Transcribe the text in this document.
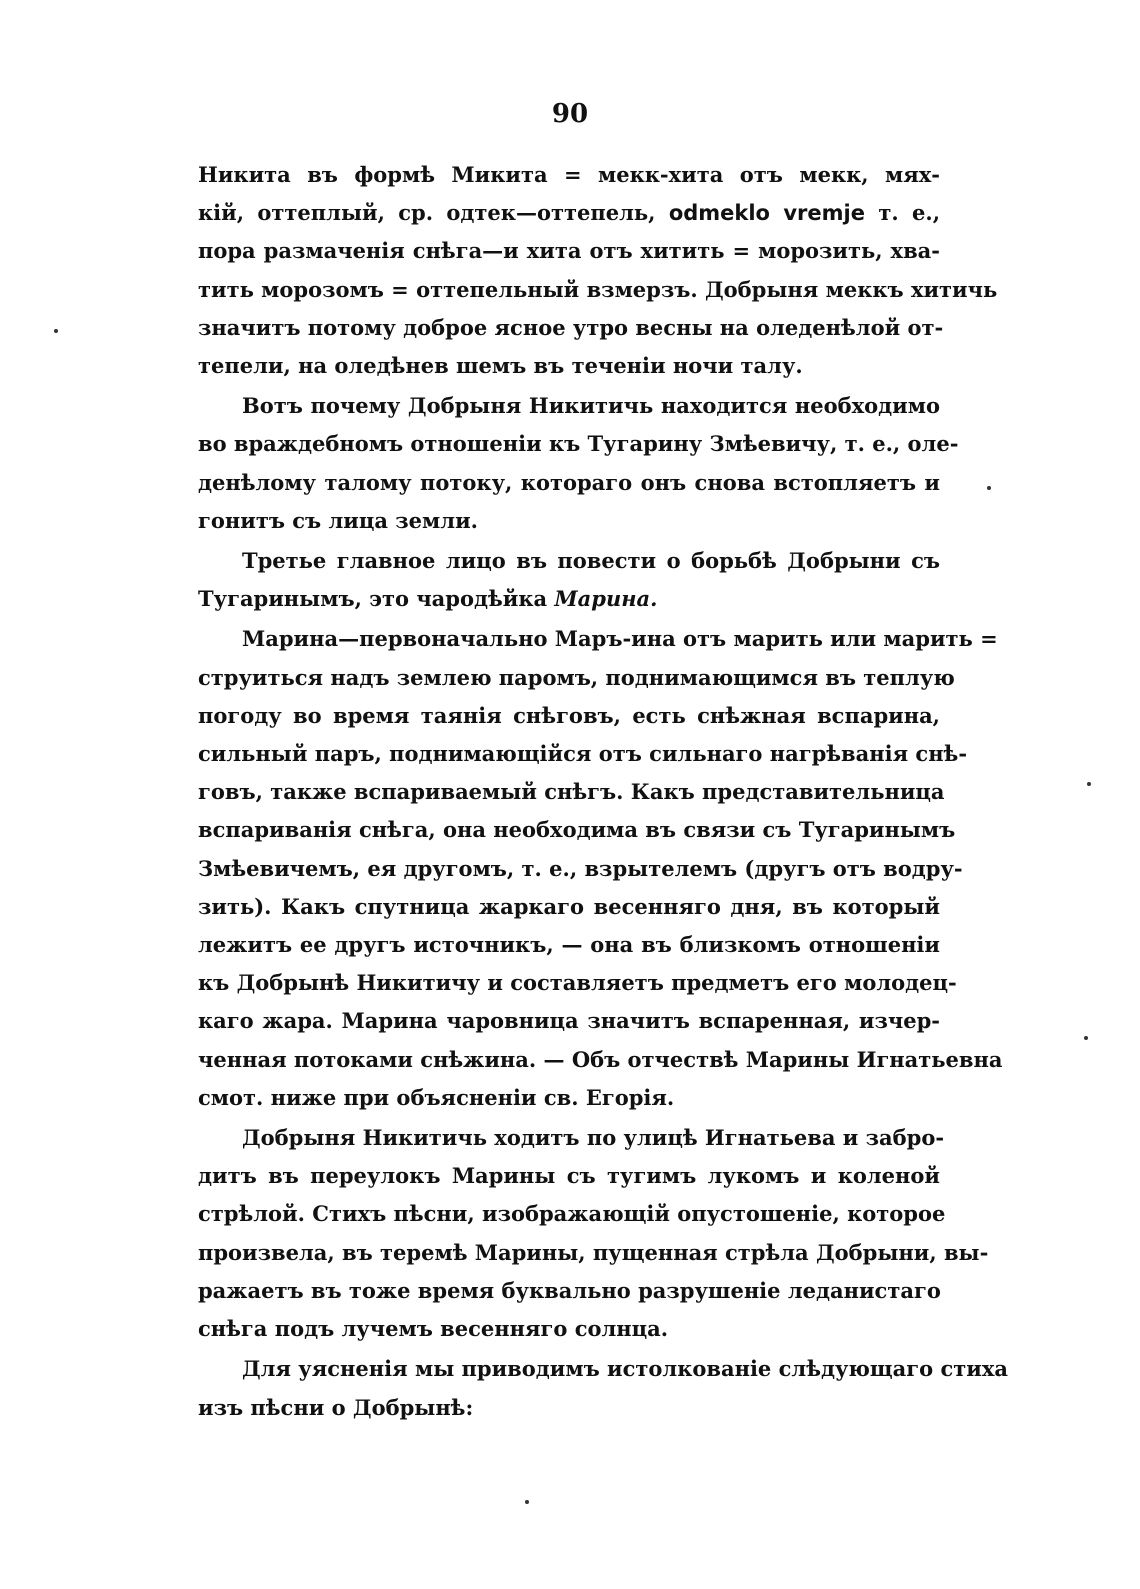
90
Никита въ формѣ Микита = мекк-хита отъ мекк, мях-
кій, оттеплый, ср. одтек—оттепель, odmeklo vremje т. е.,
пора размаченія снѣга—и хита отъ хитить = морозить, хва-
тить морозомъ = оттепельный взмерзъ. Добрыня меккъ хитичь
значитъ потому доброе ясное утро весны на оледенѣлой от-
тепели, на оледѣнев шемъ въ теченіи ночи талу.
Вотъ почему Добрыня Никитичь находится необходимо
во враждебномъ отношеніи къ Тугарину Змѣевичу, т. е., оле-
денѣлому талому потоку, котораго онъ снова встопляетъ и
гонитъ съ лица земли.
Третье главное лицо въ повести о борьбѣ Добрыни съ
Тугаринымъ, это чародѣйка Марина.
Марина—первоначально Маръ-ина отъ марить или марить =
струиться надъ землею паромъ, поднимающимся въ теплую
погоду во время таянія снѣговъ, есть снѣжная вспарина,
сильный паръ, поднимающійся отъ сильнаго нагрѣванія снѣ-
говъ, также вспариваемый снѣгъ. Какъ представительница
вспариванія снѣга, она необходима въ связи съ Тугаринымъ
Змѣевичемъ, ея другомъ, т. е., взрытелемъ (другъ отъ водру-
зить). Какъ спутница жаркаго весенняго дня, въ который
лежитъ ее другъ источникъ, — она въ близкомъ отношеніи
къ Добрынѣ Никитичу и составляетъ предметъ его молодец-
каго жара. Марина чаровница значитъ вспаренная, изчер-
ченная потоками снѣжина. — Объ отчествѣ Марины Игнатьевна
смот. ниже при объясненіи св. Егорія.
Добрыня Никитичь ходитъ по улицѣ Игнатьева и забро-
дитъ въ переулокъ Марины съ тугимъ лукомъ и коленой
стрѣлой. Стихъ пѣсни, изображающій опустошеніе, которое
произвела, въ теремѣ Марины, пущенная стрѣла Добрыни, вы-
ражаетъ въ тоже время буквально разрушеніе леданистаго
снѣга подъ лучемъ весенняго солнца.
Для уясненія мы приводимъ истолкованіе слѣдующаго стиха
изъ пѣсни о Добрынѣ:
